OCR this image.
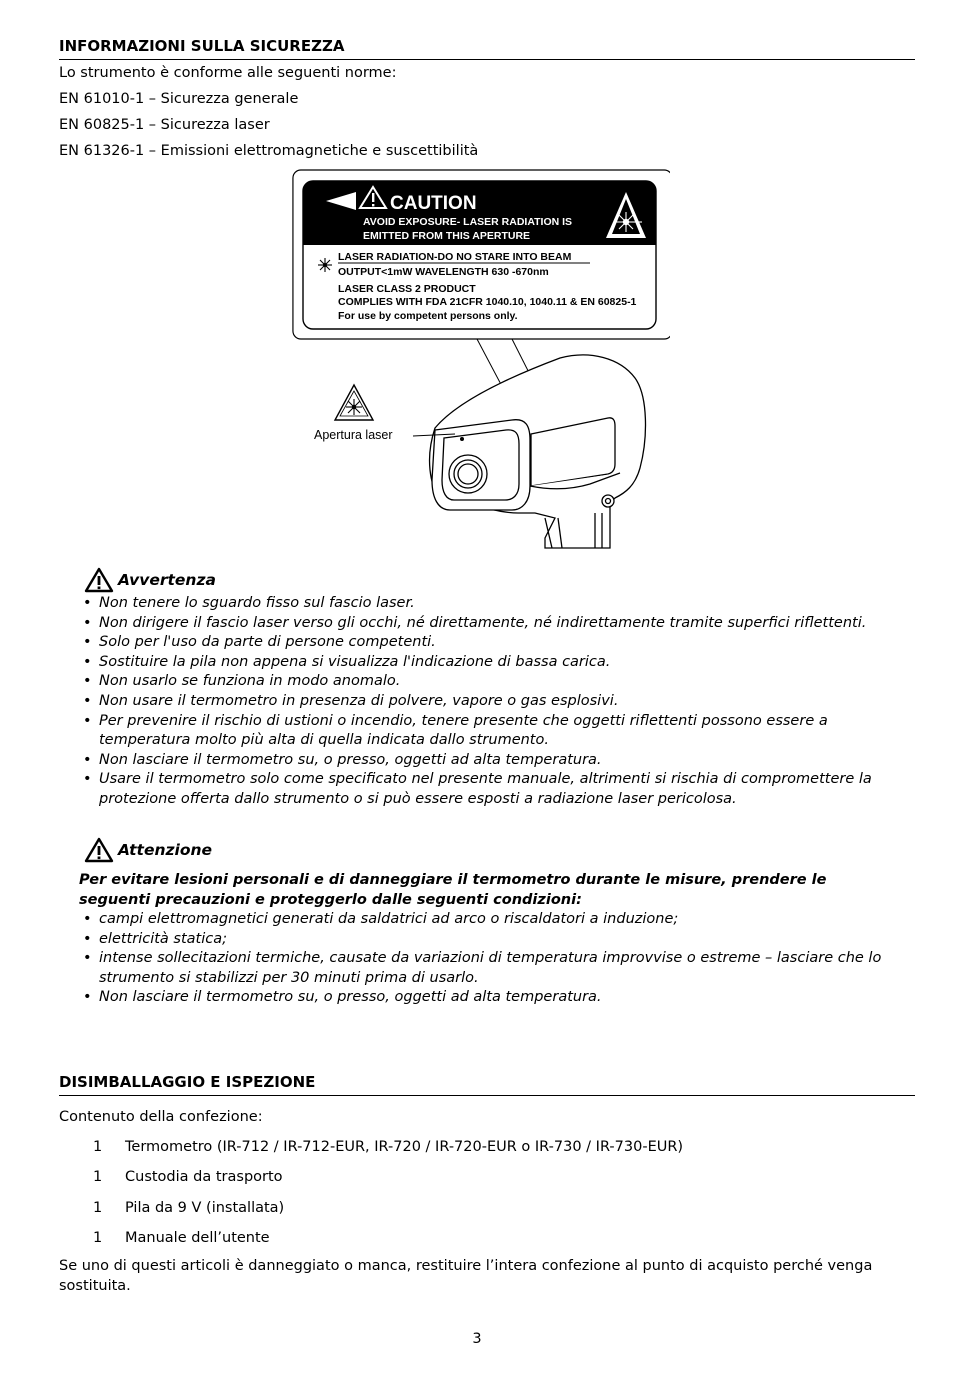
INFORMAZIONI SULLA SICUREZZA
Lo strumento è conforme alle seguenti norme:
EN 61010-1 – Sicurezza generale
EN 60825-1 – Sicurezza laser
EN 61326-1 – Emissioni elettromagnetiche e suscettibilità
CAUTION
AVOID EXPOSURE- LASER RADIATION IS
EMITTED FROM THIS APERTURE
LASER RADIATION-DO NO STARE INTO BEAM
OUTPUT<1mW WAVELENGTH 630 -670nm
LASER CLASS 2 PRODUCT
COMPLIES WITH FDA 21CFR 1040.10, 1040.11 & EN 60825-1
For use by competent persons only.
Apertura laser
Avvertenza
• Non tenere lo sguardo fisso sul fascio laser.
• Non dirigere il fascio laser verso gli occhi, né direttamente, né indirettamente tramite superfici riflettenti.
• Solo per l'uso da parte di persone competenti.
• Sostituire la pila non appena si visualizza l'indicazione di bassa carica.
• Non usarlo se funziona in modo anomalo.
• Non usare il termometro in presenza di polvere, vapore o gas esplosivi.
• Per prevenire il rischio di ustioni o incendio, tenere presente che oggetti riflettenti possono essere a temperatura molto più alta di quella indicata dallo strumento.
• Non lasciare il termometro su, o presso, oggetti ad alta temperatura.
• Usare il termometro solo come specificato nel presente manuale, altrimenti si rischia di compromettere la protezione offerta dallo strumento o si può essere esposti a radiazione laser pericolosa.
Attenzione
Per evitare lesioni personali e di danneggiare il termometro durante le misure, prendere le seguenti precauzioni e proteggerlo dalle seguenti condizioni:
• campi elettromagnetici generati da saldatrici ad arco o riscaldatori a induzione;
• elettricità statica;
• intense sollecitazioni termiche, causate da variazioni di temperatura improvvise o estreme – lasciare che lo strumento si stabilizzi per 30 minuti prima di usarlo.
• Non lasciare il termometro su, o presso, oggetti ad alta temperatura.
DISIMBALLAGGIO E ISPEZIONE
Contenuto della confezione:
1	Termometro (IR-712 / IR-712-EUR, IR-720 / IR-720-EUR o IR-730 / IR-730-EUR)
1	Custodia da trasporto
1	Pila da 9 V (installata)
1	Manuale dell’utente
Se uno di questi articoli è danneggiato o manca, restituire l’intera confezione al punto di acquisto perché venga sostituita.
3
